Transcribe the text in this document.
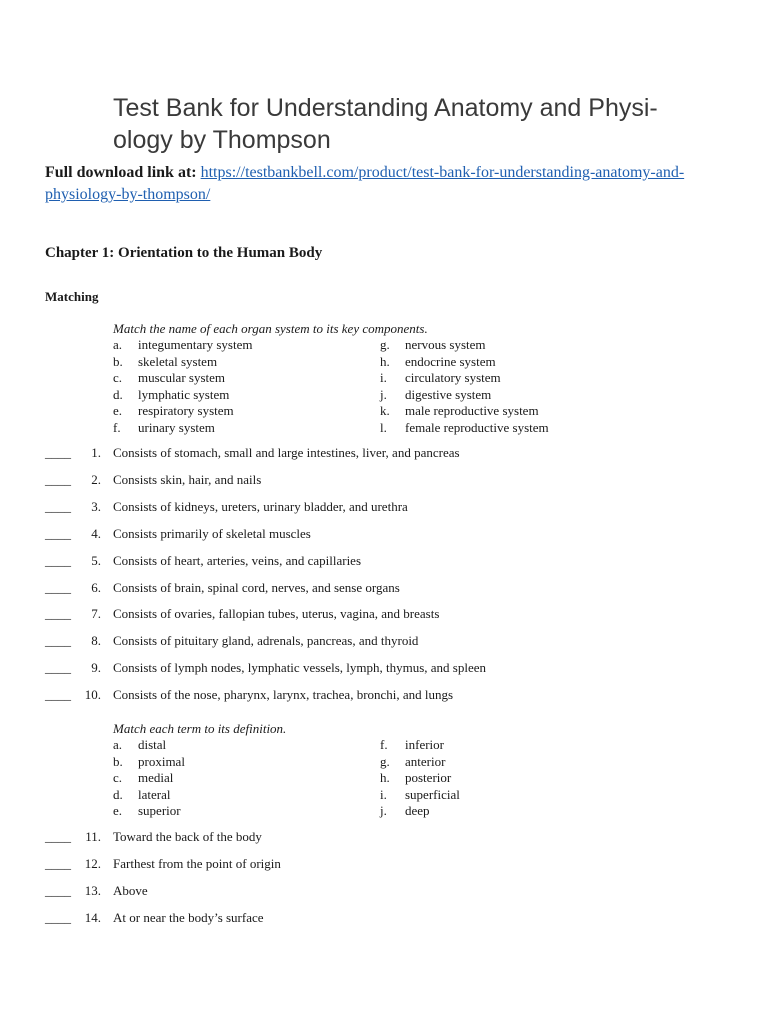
Test Bank for Understanding Anatomy and Physi-
ology by Thompson
Full download link at: https://testbankbell.com/product/test-bank-for-understanding-anatomy-and-physiology-by-thompson/
Chapter 1: Orientation to the Human Body
Matching
Match the name of each organ system to its key components.
a.	integumentary system
b.	skeletal system
c.	muscular system
d.	lymphatic system
e.	respiratory system
f.	urinary system
g.	nervous system
h.	endocrine system
i.	circulatory system
j.	digestive system
k.	male reproductive system
l.	female reproductive system
____	1. Consists of stomach, small and large intestines, liver, and pancreas
____	2. Consists skin, hair, and nails
____	3. Consists of kidneys, ureters, urinary bladder, and urethra
____	4. Consists primarily of skeletal muscles
____	5. Consists of heart, arteries, veins, and capillaries
____	6. Consists of brain, spinal cord, nerves, and sense organs
____	7. Consists of ovaries, fallopian tubes, uterus, vagina, and breasts
____	8. Consists of pituitary gland, adrenals, pancreas, and thyroid
____	9. Consists of lymph nodes, lymphatic vessels, lymph, thymus, and spleen
____ 10. Consists of the nose, pharynx, larynx, trachea, bronchi, and lungs
Match each term to its definition.
a.	distal
b.	proximal
c.	medial
d.	lateral
e.	superior
f.	inferior
g.	anterior
h.	posterior
i.	superficial
j.	deep
____ 11. Toward the back of the body
____ 12. Farthest from the point of origin
____ 13. Above
____ 14. At or near the body’s surface
